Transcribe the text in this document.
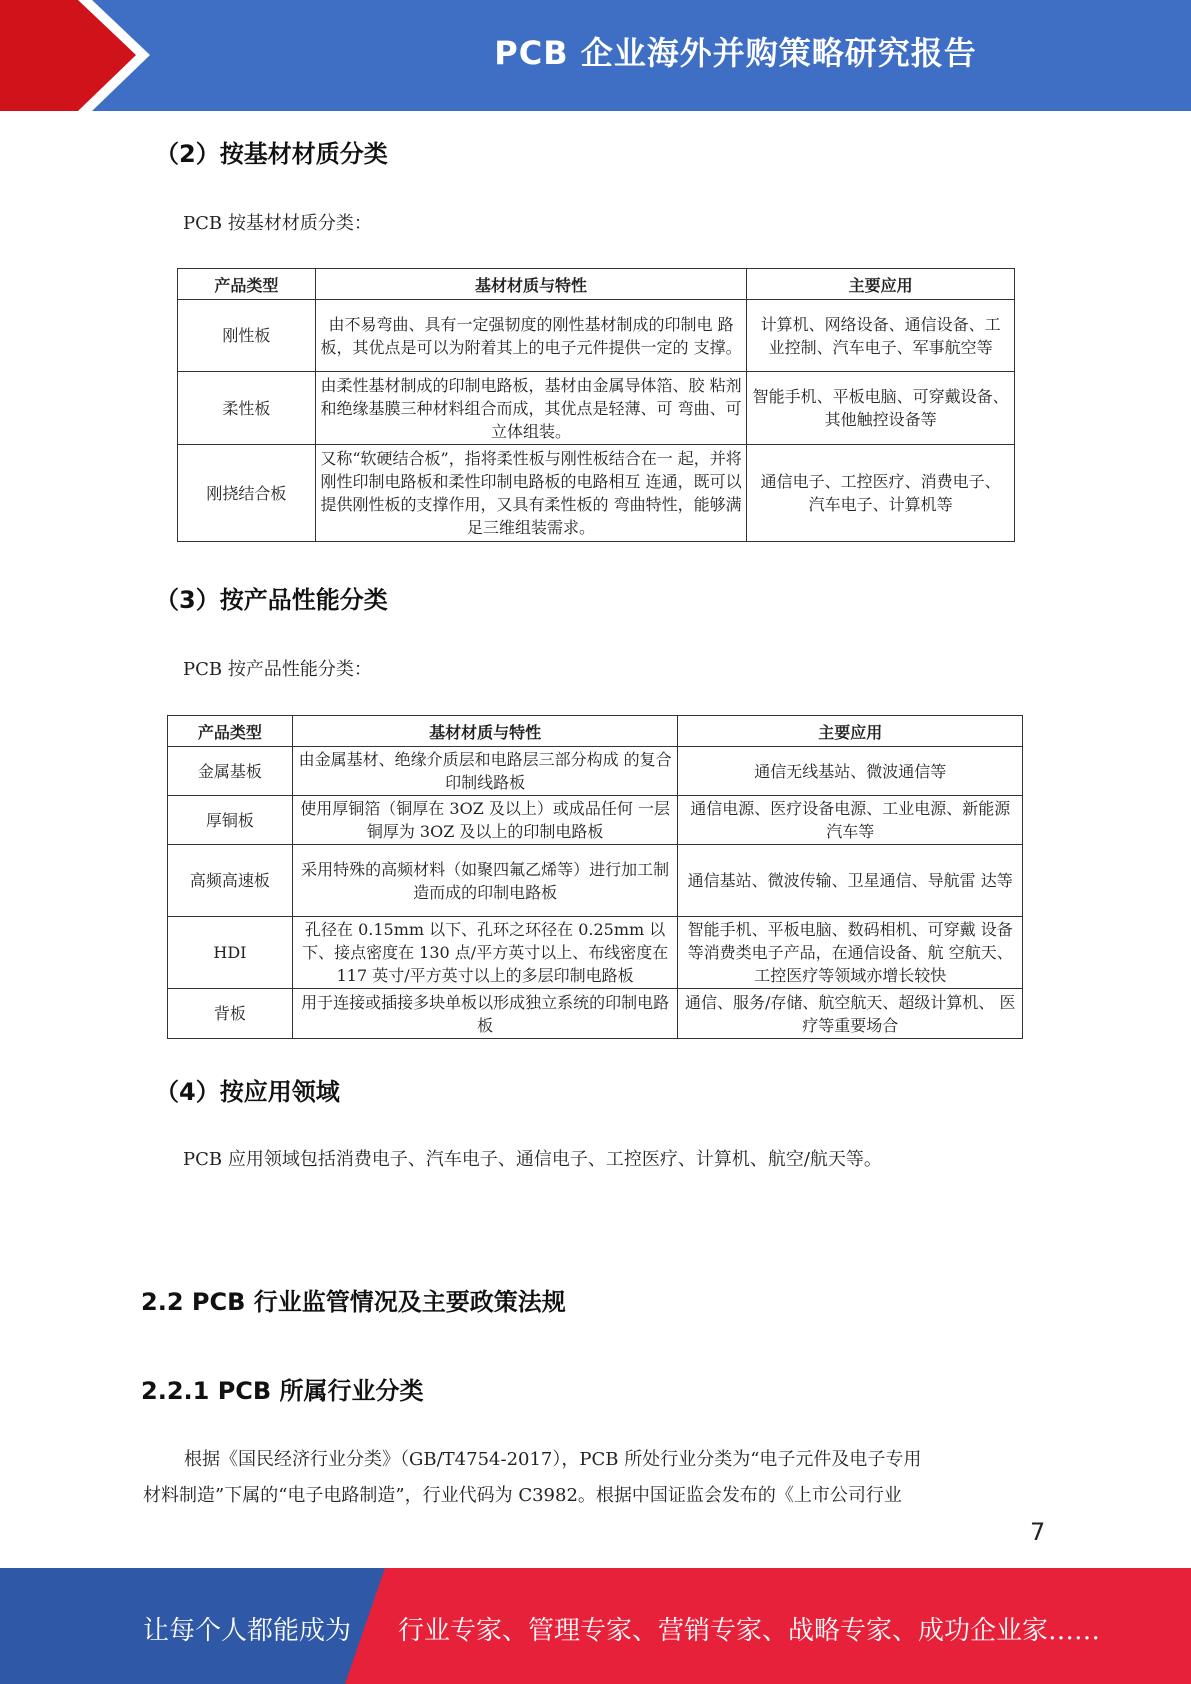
PCB 企业海外并购策略研究报告
（2）按基材材质分类
PCB 按基材材质分类：
产品类型	基材材质与特性	主要应用
刚性板	由不易弯曲、具有一定强韧度的刚性基材制成的印制电 路板，其优点是可以为附着其上的电子元件提供一定的 支撑。	计算机、网络设备、通信设备、工 业控制、汽车电子、军事航空等
柔性板	由柔性基材制成的印制电路板，基材由金属导体箔、胶 粘剂和绝缘基膜三种材料组合而成，其优点是轻薄、可 弯曲、可立体组装。	智能手机、平板电脑、可穿戴设备、 其他触控设备等
刚挠结合板	又称“软硬结合板”，指将柔性板与刚性板结合在一 起，并将刚性印制电路板和柔性印制电路板的电路相互 连通，既可以提供刚性板的支撑作用，又具有柔性板的 弯曲特性，能够满足三维组装需求。	通信电子、工控医疗、消费电子、 汽车电子、计算机等
（3）按产品性能分类
PCB 按产品性能分类：
产品类型	基材材质与特性	主要应用
金属基板	由金属基材、绝缘介质层和电路层三部分构成 的复合印制线路板	通信无线基站、微波通信等
厚铜板	使用厚铜箔（铜厚在 3OZ 及以上）或成品任何 一层铜厚为 3OZ 及以上的印制电路板	通信电源、医疗设备电源、工业电源、新能源汽车等
高频高速板	采用特殊的高频材料（如聚四氟乙烯等）进行加工制造而成的印制电路板	通信基站、微波传输、卫星通信、导航雷 达等
HDI	孔径在 0.15mm 以下、孔环之环径在 0.25mm 以 下、接点密度在 130 点/平方英寸以上、布线密度在 117 英寸/平方英寸以上的多层印制电路板	智能手机、平板电脑、数码相机、可穿戴 设备等消费类电子产品，在通信设备、航 空航天、工控医疗等领域亦增长较快
背板	用于连接或插接多块单板以形成独立系统的印制电路板	通信、服务/存储、航空航天、超级计算机、 医疗等重要场合
（4）按应用领域
PCB 应用领域包括消费电子、汽车电子、通信电子、工控医疗、计算机、航空/航天等。
2.2 PCB 行业监管情况及主要政策法规
2.2.1 PCB 所属行业分类
根据《国民经济行业分类》（GB/T4754-2017），PCB 所处行业分类为“电子元件及电子专用
材料制造”下属的“电子电路制造”，行业代码为 C3982。根据中国证监会发布的《上市公司行业
7
让每个人都能成为 行业专家、管理专家、营销专家、战略专家、成功企业家……
